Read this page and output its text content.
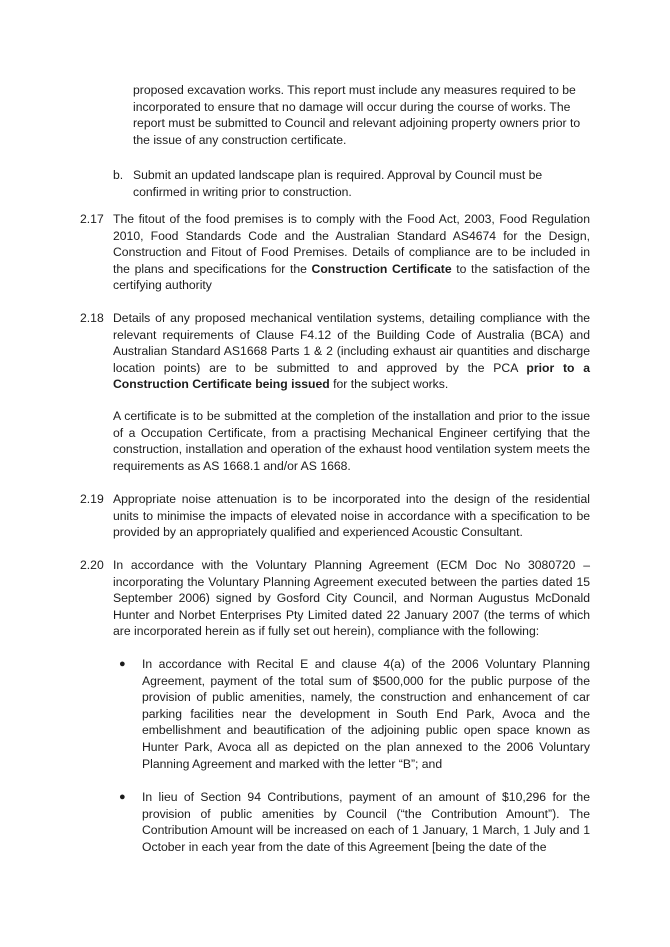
proposed excavation works. This report must include any measures required to be incorporated to ensure that no damage will occur during the course of works. The report must be submitted to Council and relevant adjoining property owners prior to the issue of any construction certificate.

b. Submit an updated landscape plan is required. Approval by Council must be confirmed in writing prior to construction.

2.17 The fitout of the food premises is to comply with the Food Act, 2003, Food Regulation 2010, Food Standards Code and the Australian Standard AS4674 for the Design, Construction and Fitout of Food Premises. Details of compliance are to be included in the plans and specifications for the Construction Certificate to the satisfaction of the certifying authority

2.18 Details of any proposed mechanical ventilation systems, detailing compliance with the relevant requirements of Clause F4.12 of the Building Code of Australia (BCA) and Australian Standard AS1668 Parts 1 & 2 (including exhaust air quantities and discharge location points) are to be submitted to and approved by the PCA prior to a Construction Certificate being issued for the subject works.

A certificate is to be submitted at the completion of the installation and prior to the issue of a Occupation Certificate, from a practising Mechanical Engineer certifying that the construction, installation and operation of the exhaust hood ventilation system meets the requirements as AS 1668.1 and/or AS 1668.

2.19 Appropriate noise attenuation is to be incorporated into the design of the residential units to minimise the impacts of elevated noise in accordance with a specification to be provided by an appropriately qualified and experienced Acoustic Consultant.

2.20 In accordance with the Voluntary Planning Agreement (ECM Doc No 3080720 – incorporating the Voluntary Planning Agreement executed between the parties dated 15 September 2006) signed by Gosford City Council, and Norman Augustus McDonald Hunter and Norbet Enterprises Pty Limited dated 22 January 2007 (the terms of which are incorporated herein as if fully set out herein), compliance with the following:

● In accordance with Recital E and clause 4(a) of the 2006 Voluntary Planning Agreement, payment of the total sum of $500,000 for the public purpose of the provision of public amenities, namely, the construction and enhancement of car parking facilities near the development in South End Park, Avoca and the embellishment and beautification of the adjoining public open space known as Hunter Park, Avoca all as depicted on the plan annexed to the 2006 Voluntary Planning Agreement and marked with the letter “B”; and

● In lieu of Section 94 Contributions, payment of an amount of $10,296 for the provision of public amenities by Council (“the Contribution Amount”). The Contribution Amount will be increased on each of 1 January, 1 March, 1 July and 1 October in each year from the date of this Agreement [being the date of the
